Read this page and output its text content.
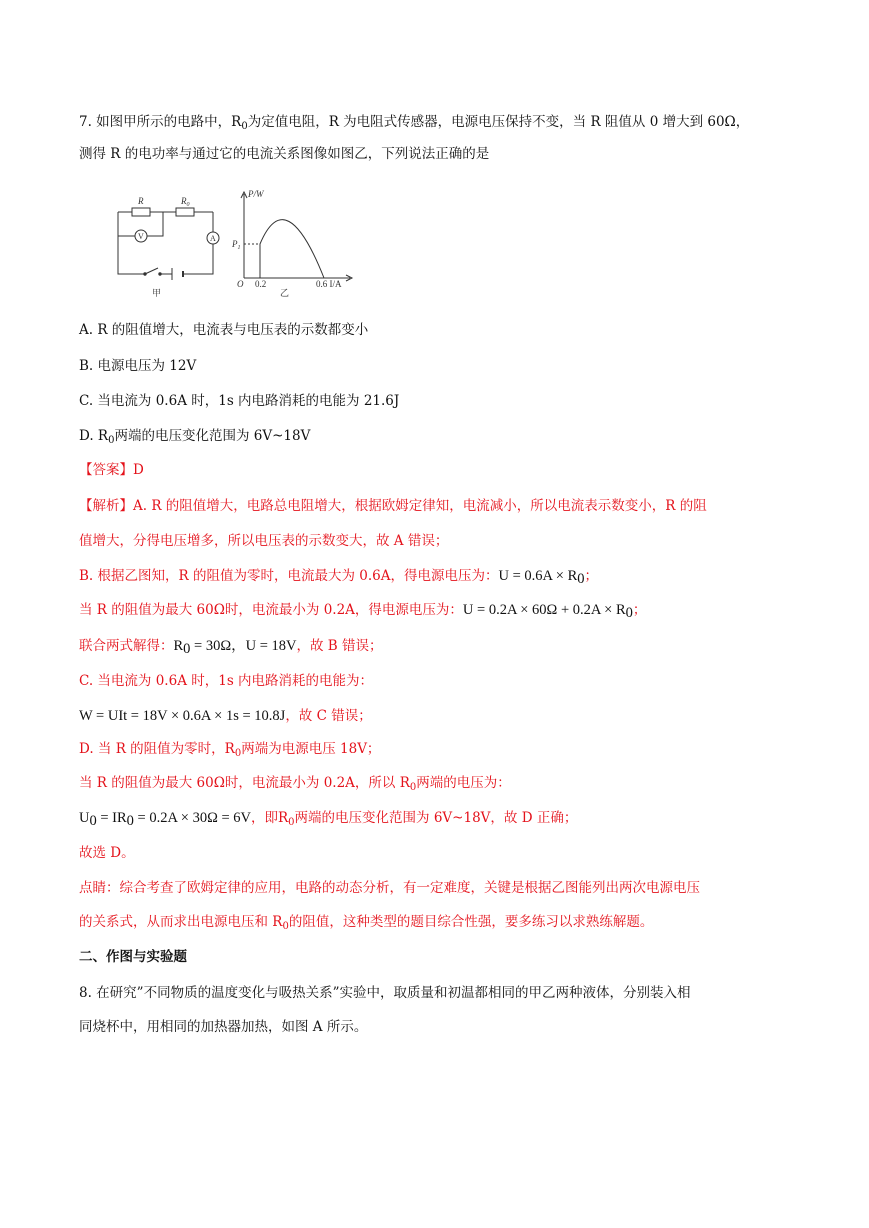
7. 如图甲所示的电路中，$R_0$为定值电阻，R 为电阻式传感器，电源电压保持不变，当 R 阻值从 0 增大到 60Ω，
测得 R 的电功率与通过它的电流关系图像如图乙，下列说法正确的是
R	$R_0$
V	A
甲
P/W
$P_1$
O 0.2	0.6 I/A
乙
A. R 的阻值增大，电流表与电压表的示数都变小
B. 电源电压为 12V
C. 当电流为 0.6A 时，1s 内电路消耗的电能为 21.6J
D. $R_0$两端的电压变化范围为 6V~18V
【答案】D
【解析】A. R 的阻值增大，电路总电阻增大，根据欧姆定律知，电流减小，所以电流表示数变小，R 的阻
值增大，分得电压增多，所以电压表的示数变大，故 A 错误；
B. 根据乙图知，R 的阻值为零时，电流最大为 0.6A，得电源电压为：U = 0.6A × R0；
当 R 的阻值为最大 60Ω时，电流最小为 0.2A，得电源电压为：U = 0.2A × 60Ω + 0.2A × R0；
联合两式解得：R0 = 30Ω，U = 18V，故 B 错误；
C. 当电流为 0.6A 时，1s 内电路消耗的电能为：
W = UIt = 18V × 0.6A × 1s = 10.8J，故 C 错误；
D. 当 R 的阻值为零时，$R_0$两端为电源电压 18V；
当 R 的阻值为最大 60Ω时，电流最小为 0.2A，所以 $R_0$两端的电压为：
U0 = IR0 = 0.2A × 30Ω = 6V，即$R_0$两端的电压变化范围为 6V~18V，故 D 正确；
故选 D。
点睛：综合考查了欧姆定律的应用，电路的动态分析，有一定难度，关键是根据乙图能列出两次电源电压
的关系式，从而求出电源电压和 $R_0$的阻值，这种类型的题目综合性强，要多练习以求熟练解题。
二、作图与实验题
8. 在研究”不同物质的温度变化与吸热关系”实验中，取质量和初温都相同的甲乙两种液体，分别装入相
同烧杯中，用相同的加热器加热，如图 A 所示。
